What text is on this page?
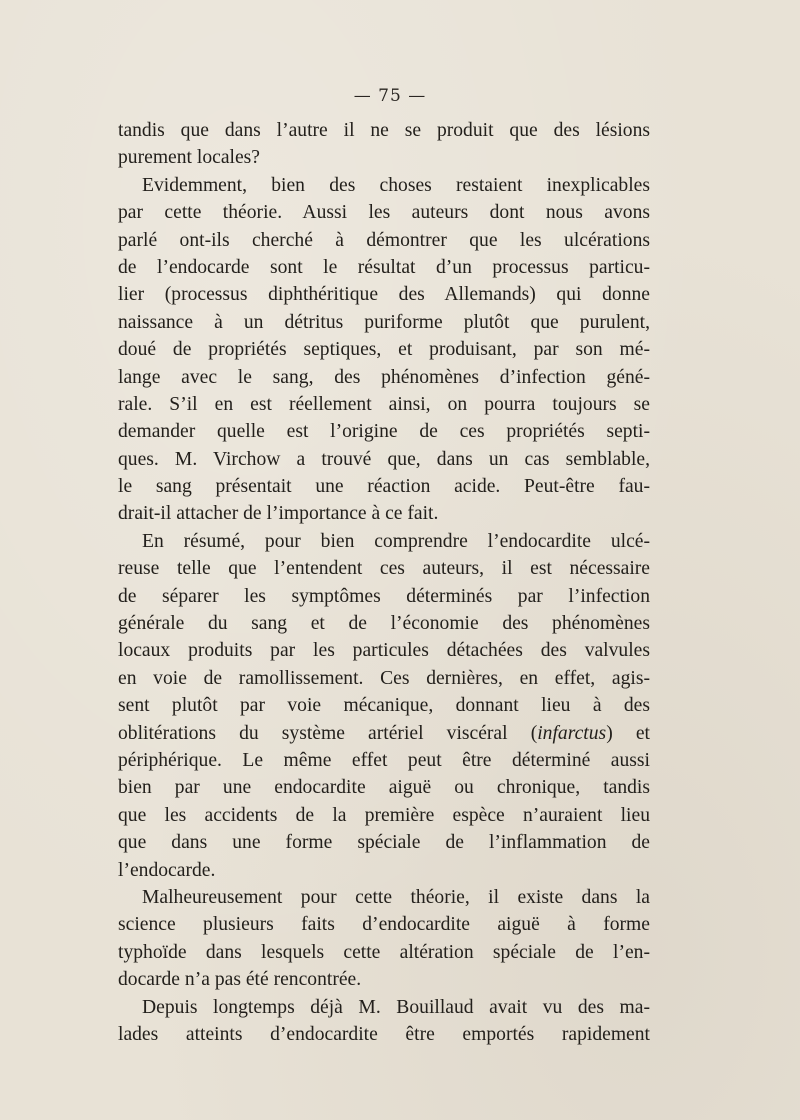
— 75 —
tandis que dans l’autre il ne se produit que des lésions
purement locales?
Evidemment, bien des choses restaient inexplicables
par cette théorie. Aussi les auteurs dont nous avons
parlé ont-ils cherché à démontrer que les ulcérations
de l’endocarde sont le résultat d’un processus particu-
lier (processus diphthéritique des Allemands) qui donne
naissance à un détritus puriforme plutôt que purulent,
doué de propriétés septiques, et produisant, par son mé-
lange avec le sang, des phénomènes d’infection géné-
rale. S’il en est réellement ainsi, on pourra toujours se
demander quelle est l’origine de ces propriétés septi-
ques. M. Virchow a trouvé que, dans un cas semblable,
le sang présentait une réaction acide. Peut-être fau-
drait-il attacher de l’importance à ce fait.
En résumé, pour bien comprendre l’endocardite ulcé-
reuse telle que l’entendent ces auteurs, il est nécessaire
de séparer les symptômes déterminés par l’infection
générale du sang et de l’économie des phénomènes
locaux produits par les particules détachées des valvules
en voie de ramollissement. Ces dernières, en effet, agis-
sent plutôt par voie mécanique, donnant lieu à des
oblitérations du système artériel viscéral (infarctus) et
périphérique. Le même effet peut être déterminé aussi
bien par une endocardite aiguë ou chronique, tandis
que les accidents de la première espèce n’auraient lieu
que dans une forme spéciale de l’inflammation de
l’endocarde.
Malheureusement pour cette théorie, il existe dans la
science plusieurs faits d’endocardite aiguë à forme
typhoïde dans lesquels cette altération spéciale de l’en-
docarde n’a pas été rencontrée.
Depuis longtemps déjà M. Bouillaud avait vu des ma-
lades atteints d’endocardite être emportés rapidement
